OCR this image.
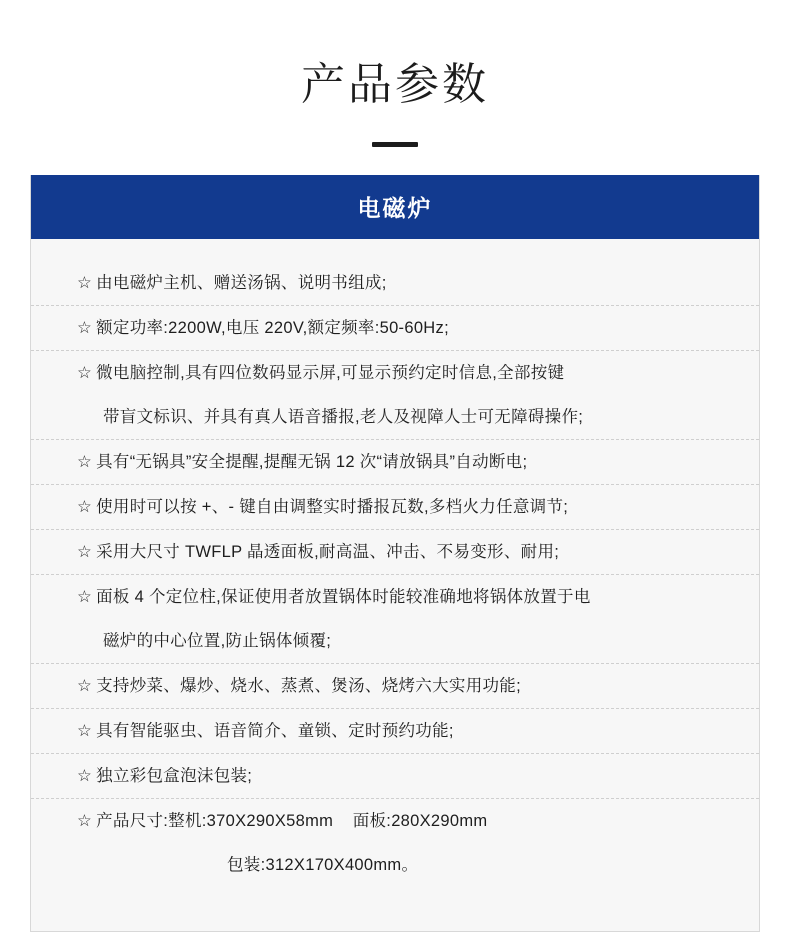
产品参数
电磁炉
☆ 由电磁炉主机、赠送汤锅、说明书组成;
☆ 额定功率:2200W,电压 220V,额定频率:50-60Hz;
☆ 微电脑控制,具有四位数码显示屏,可显示预约定时信息,全部按键
带盲文标识、并具有真人语音播报,老人及视障人士可无障碍操作;
☆ 具有“无锅具”安全提醒,提醒无锅 12 次“请放锅具”自动断电;
☆ 使用时可以按 +、- 键自由调整实时播报瓦数,多档火力任意调节;
☆ 采用大尺寸 TWFLP 晶透面板,耐高温、冲击、不易变形、耐用;
☆ 面板 4 个定位柱,保证使用者放置锅体时能较准确地将锅体放置于电
磁炉的中心位置,防止锅体倾覆;
☆ 支持炒菜、爆炒、烧水、蒸煮、煲汤、烧烤六大实用功能;
☆ 具有智能驱虫、语音简介、童锁、定时预约功能;
☆ 独立彩包盒泡沫包装;
☆ 产品尺寸:整机:370X290X58mm    面板:280X290mm
包装:312X170X400mm。
